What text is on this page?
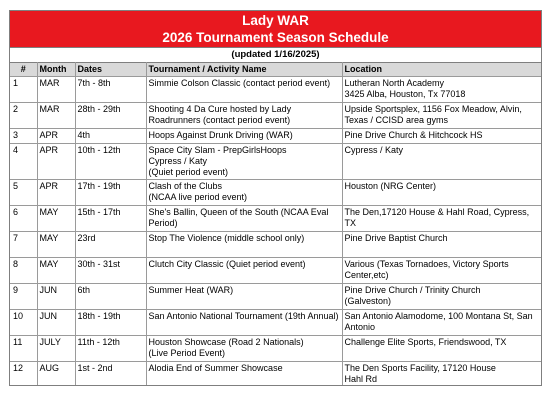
Lady WAR
2026 Tournament Season Schedule
(updated 1/16/2025)
#	Month	Dates	Tournament / Activity Name	Location
1	MAR	7th - 8th	Simmie Colson Classic (contact period event)	Lutheran North Academy
3425 Alba, Houston, Tx 77018
2	MAR	28th - 29th	Shooting 4 Da Cure hosted by Lady Roadrunners (contact period event)	Upside Sportsplex, 1156 Fox Meadow, Alvin, Texas / CCISD area gyms
3	APR	4th	Hoops Against Drunk Driving (WAR)	Pine Drive Church & Hitchcock HS
4	APR	10th - 12th	Space City Slam - PrepGirlsHoops
Cypress / Katy
(Quiet period event)	Cypress / Katy
5	APR	17th - 19th	Clash of the Clubs
(NCAA live period event)	Houston (NRG Center)
6	MAY	15th - 17th	She's Ballin, Queen of the South (NCAA Eval Period)	The Den,17120 House & Hahl Road, Cypress, TX
7	MAY	23rd	Stop The Violence (middle school only)	Pine Drive Baptist Church
8	MAY	30th - 31st	Clutch City Classic (Quiet period event)	Various (Texas Tornadoes, Victory Sports Center,etc)
9	JUN	6th	Summer Heat (WAR)	Pine Drive Church / Trinity Church
(Galveston)
10	JUN	18th - 19th	San Antonio National Tournament (19th Annual)	San Antonio Alamodome, 100 Montana St, San Antonio
11	JULY	11th - 12th	Houston Showcase (Road 2 Nationals)
(Live Period Event)	Challenge Elite Sports, Friendswood, TX
12	AUG	1st - 2nd	Alodia End of Summer Showcase	The Den Sports Facility, 17120 House
Hahl Rd
